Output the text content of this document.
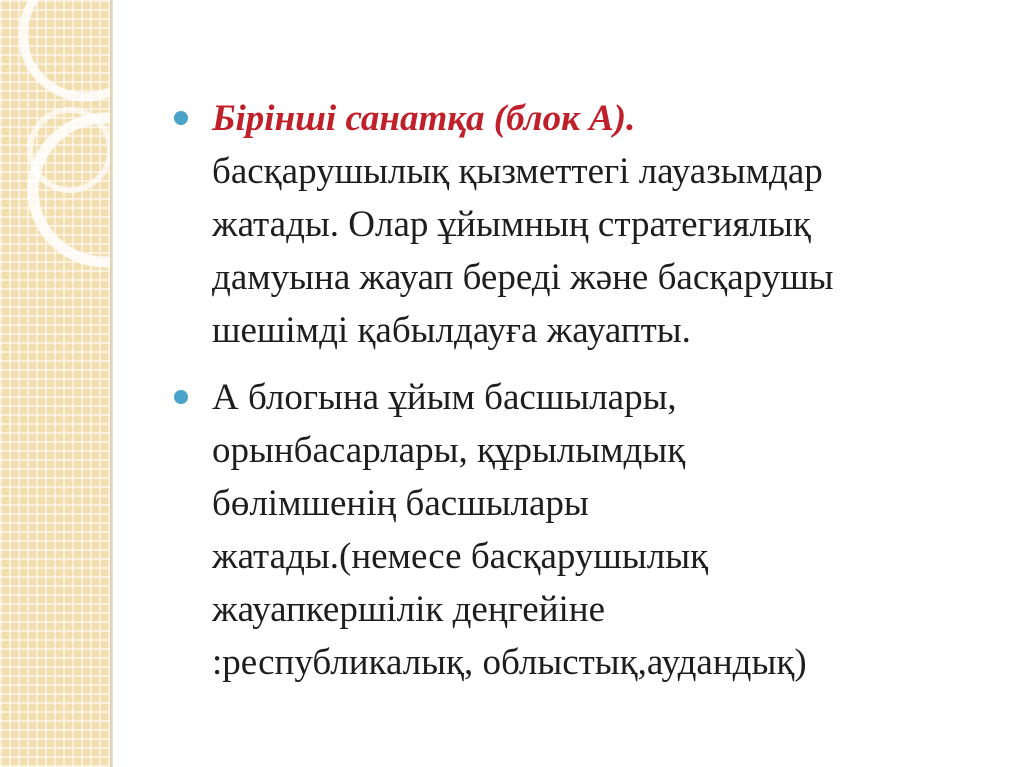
Бірінші санатқа (блок А).
басқарушылық қызметтегі лауазымдар
жатады. Олар ұйымның стратегиялық
дамуына жауап береді және басқарушы
шешімді қабылдауға жауапты.
А блогына ұйым басшылары,
орынбасарлары, құрылымдық
бөлімшенің басшылары
жатады.(немесе басқарушылық
жауапкершілік деңгейіне
:республикалық, облыстық,аудандық)
